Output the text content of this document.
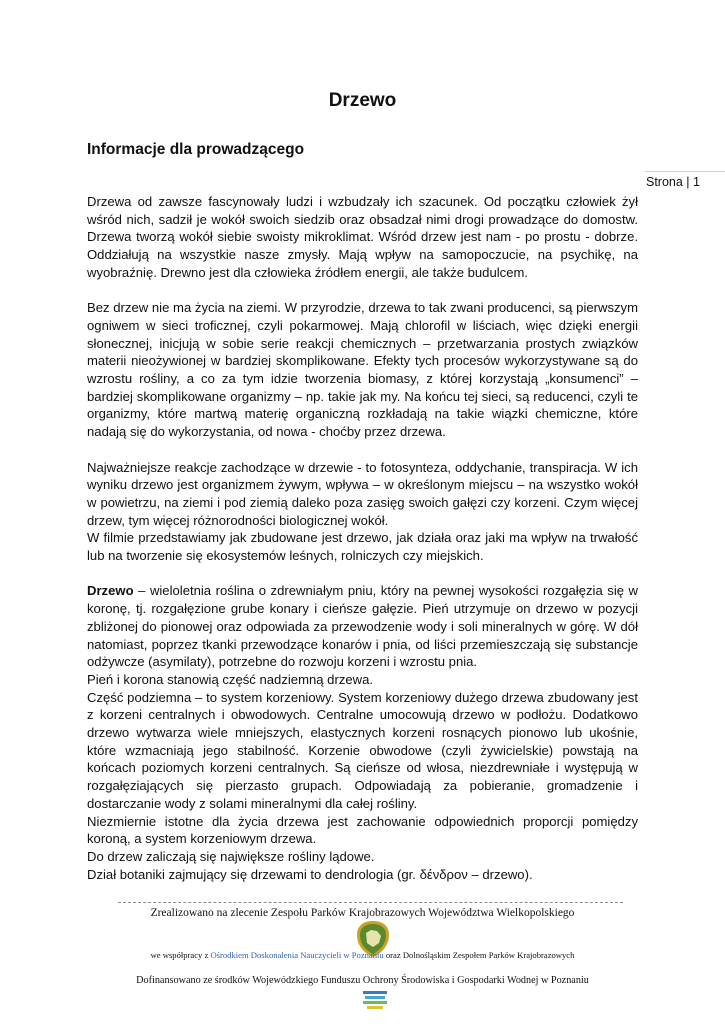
Drzewo
Informacje dla prowadzącego
Strona | 1

Drzewa od zawsze fascynowały ludzi i wzbudzały ich szacunek. Od początku człowiek żył wśród nich, sadził je wokół swoich siedzib oraz obsadzał nimi drogi prowadzące do domostw. Drzewa tworzą wokół siebie swoisty mikroklimat. Wśród drzew jest nam - po prostu - dobrze. Oddziałują na wszystkie nasze zmysły. Mają wpływ na samopoczucie, na psychikę, na wyobraźnię. Drewno jest dla człowieka źródłem energii, ale także budulcem.

Bez drzew nie ma życia na ziemi. W przyrodzie, drzewa to tak zwani producenci, są pierwszym ogniwem w sieci troficznej, czyli pokarmowej. Mają chlorofil w liściach, więc dzięki energii słonecznej, inicjują w sobie serie reakcji chemicznych – przetwarzania prostych związków materii nieożywionej w bardziej skomplikowane. Efekty tych procesów wykorzystywane są do wzrostu rośliny, a co za tym idzie tworzenia biomasy, z której korzystają „konsumenci” – bardziej skomplikowane organizmy – np. takie jak my. Na końcu tej sieci, są reducenci, czyli te organizmy, które martwą materię organiczną rozkładają na takie wiązki chemiczne, które nadają się do wykorzystania, od nowa - choćby przez drzewa.

Najważniejsze reakcje zachodzące w drzewie - to fotosynteza, oddychanie, transpiracja. W ich wyniku drzewo jest organizmem żywym, wpływa – w określonym miejscu – na wszystko wokół w powietrzu, na ziemi i pod ziemią daleko poza zasięg swoich gałęzi czy korzeni. Czym więcej drzew, tym więcej różnorodności biologicznej wokół.

W filmie przedstawiamy jak zbudowane jest drzewo, jak działa oraz jaki ma wpływ na trwałość lub na tworzenie się ekosystemów leśnych, rolniczych czy miejskich.

Drzewo – wieloletnia roślina o zdrewniałym pniu, który na pewnej wysokości rozgałęzia się w koronę, tj. rozgałęzione grube konary i cieńsze gałęzie. Pień utrzymuje on drzewo w pozycji zbliżonej do pionowej oraz odpowiada za przewodzenie wody i soli mineralnych w górę. W dół natomiast, poprzez tkanki przewodzące konarów i pnia, od liści przemieszczają się substancje odżywcze (asymilaty), potrzebne do rozwoju korzeni i wzrostu pnia.

Pień i korona stanowią część nadziemną drzewa.

Część podziemna – to system korzeniowy. System korzeniowy dużego drzewa zbudowany jest z korzeni centralnych i obwodowych. Centralne umocowują drzewo w podłożu. Dodatkowo drzewo wytwarza wiele mniejszych, elastycznych korzeni rosnących pionowo lub ukośnie, które wzmacniają jego stabilność. Korzenie obwodowe (czyli żywicielskie) powstają na końcach poziomych korzeni centralnych. Są cieńsze od włosa, niezdrewniałe i występują w rozgałęziających się pierzasto grupach. Odpowiadają za pobieranie, gromadzenie i dostarczanie wody z solami mineralnymi dla całej rośliny.

Niezmiernie istotne dla życia drzewa jest zachowanie odpowiednich proporcji pomiędzy koroną, a system korzeniowym drzewa.

Do drzew zaliczają się największe rośliny lądowe.

Dział botaniki zajmujący się drzewami to dendrologia (gr. δένδρον – drzewo).

Zrealizowano na zlecenie Zespołu Parków Krajobrazowych Województwa Wielkopolskiego
we współpracy z Ośrodkiem Doskonalenia Nauczycieli w Poznaniu oraz Dolnośląskim Zespołem Parków Krajobrazowych
Dofinansowano ze środków Wojewódzkiego Funduszu Ochrony Środowiska i Gospodarki Wodnej w Poznaniu
